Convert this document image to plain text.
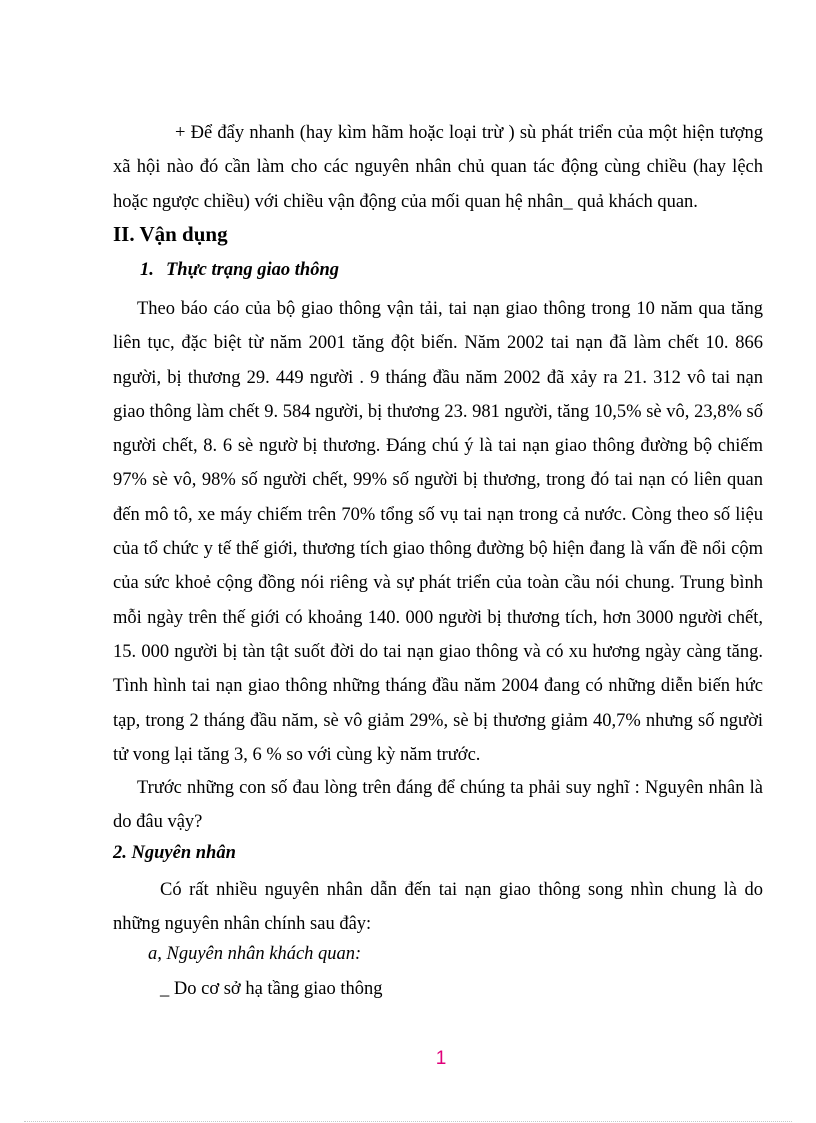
+ Để đẩy nhanh (hay kìm hãm hoặc loại trừ ) sù phát triển của một hiện tượng xã hội nào đó cần làm cho các nguyên nhân chủ quan tác động cùng chiều (hay lệch hoặc ngược chiều) với chiều vận động của mối quan hệ nhân_ quả khách quan.

II. Vận dụng
1. Thực trạng giao thông

Theo báo cáo của bộ giao thông vận tải, tai nạn giao thông trong 10 năm qua tăng liên tục, đặc biệt từ năm 2001 tăng đột biến. Năm 2002 tai nạn đã làm chết 10. 866 người, bị thương 29. 449 người . 9 tháng đầu năm 2002 đã xảy ra 21. 312 vô tai nạn giao thông làm chết 9. 584 người, bị thương 23. 981 người, tăng 10,5% sè vô, 23,8% số người chết, 8. 6 sè ngườ bị thương. Đáng chú ý là tai nạn giao thông đường bộ chiếm 97% sè vô, 98% số người chết, 99% số người bị thương, trong đó tai nạn có liên quan đến mô tô, xe máy chiếm trên 70% tổng số vụ tai nạn trong cả nước. Còng theo số liệu của tổ chức y tế thế giới, thương tích giao thông đường bộ hiện đang là vấn đề nổi cộm của sức khoẻ cộng đồng nói riêng và sự phát triển của toàn cầu nói chung. Trung bình mỗi ngày trên thế giới có khoảng 140. 000 người bị thương tích, hơn 3000 người chết, 15. 000 người bị tàn tật suốt đời do tai nạn giao thông và có xu hương ngày càng tăng. Tình hình tai nạn giao thông những tháng đầu năm 2004 đang có những diễn biến hức tạp, trong 2 tháng đầu năm, sè vô giảm 29%, sè bị thương giảm 40,7% nhưng số người tử vong lại tăng 3, 6 % so với cùng kỳ năm trước.

Trước những con số đau lòng trên đáng để chúng ta phải suy nghĩ : Nguyên nhân là do đâu vậy?

2. Nguyên nhân

Có rất nhiều nguyên nhân dẫn đến tai nạn giao thông song nhìn chung là do những nguyên nhân chính sau đây:

a, Nguyên nhân khách quan:

_ Do cơ sở hạ tầng giao thông

1
